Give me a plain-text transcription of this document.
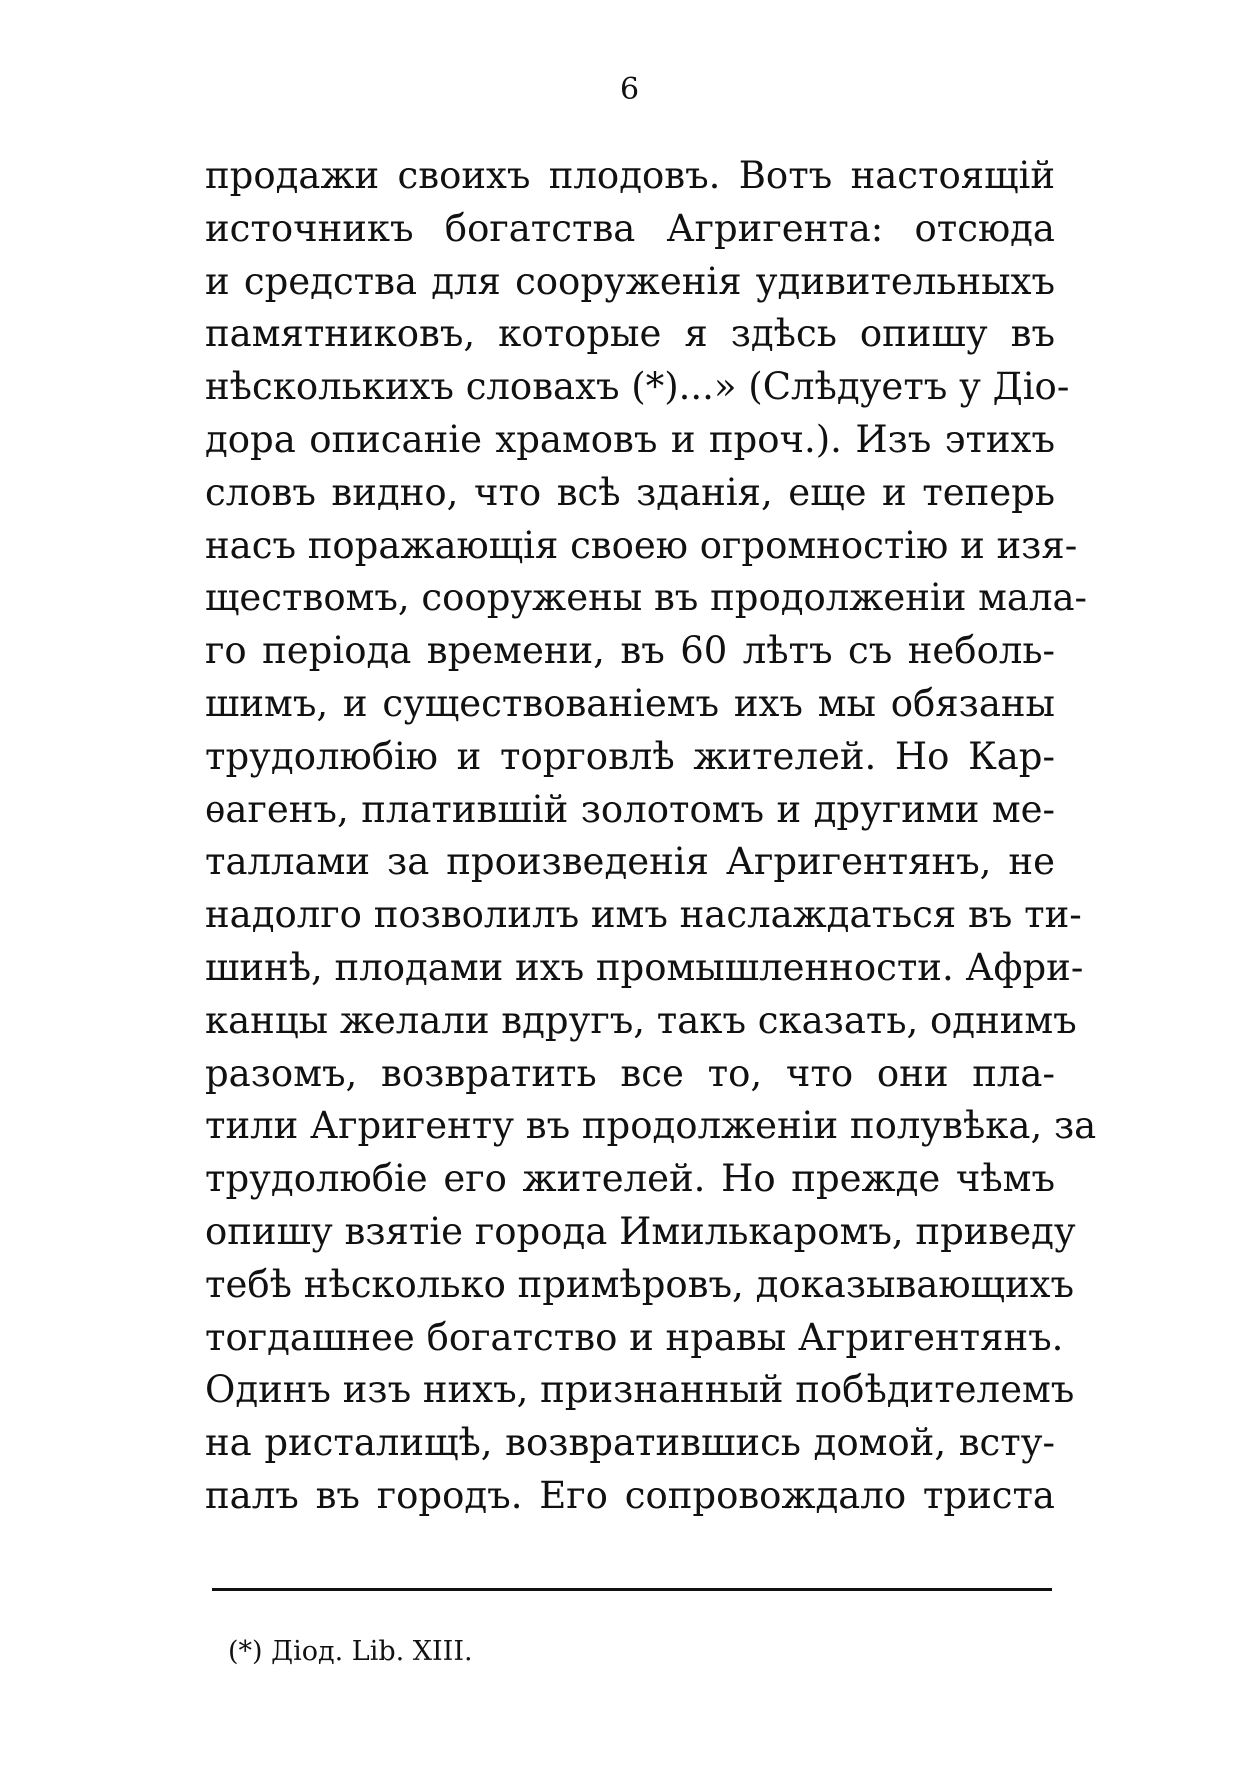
6
продажи своихъ плодовъ. Вотъ настоящій
источникъ богатства Агригента: отсюда
и средства для сооруженія удивительныхъ
памятниковъ, которые я здѣсь опишу въ
нѣсколькихъ словахъ (*)...» (Слѣдуетъ у Діо-
дора описаніе храмовъ и проч.). Изъ этихъ
словъ видно, что всѣ зданія, еще и теперь
насъ поражающія своею огромностію и изя-
ществомъ, сооружены въ продолженіи мала-
го періода времени, въ 60 лѣтъ съ неболь-
шимъ, и существованіемъ ихъ мы обязаны
трудолюбію и торговлѣ жителей. Но Кар-
ѳагенъ, платившій золотомъ и другими ме-
таллами за произведенія Агригентянъ, не
надолго позволилъ имъ наслаждаться въ ти-
шинѣ, плодами ихъ промышленности. Афри-
канцы желали вдругъ, такъ сказать, однимъ
разомъ, возвратить все то, что они пла-
тили Агригенту въ продолженіи полувѣка, за
трудолюбіе его жителей. Но прежде чѣмъ
опишу взятіе города Имилькаромъ, приведу
тебѣ нѣсколько примѣровъ, доказывающихъ
тогдашнее богатство и нравы Агригентянъ.
Одинъ изъ нихъ, признанный побѣдителемъ
на ристалищѣ, возвратившись домой, всту-
палъ въ городъ. Его сопровождало триста
(*) Діод. Lib. XIII.
